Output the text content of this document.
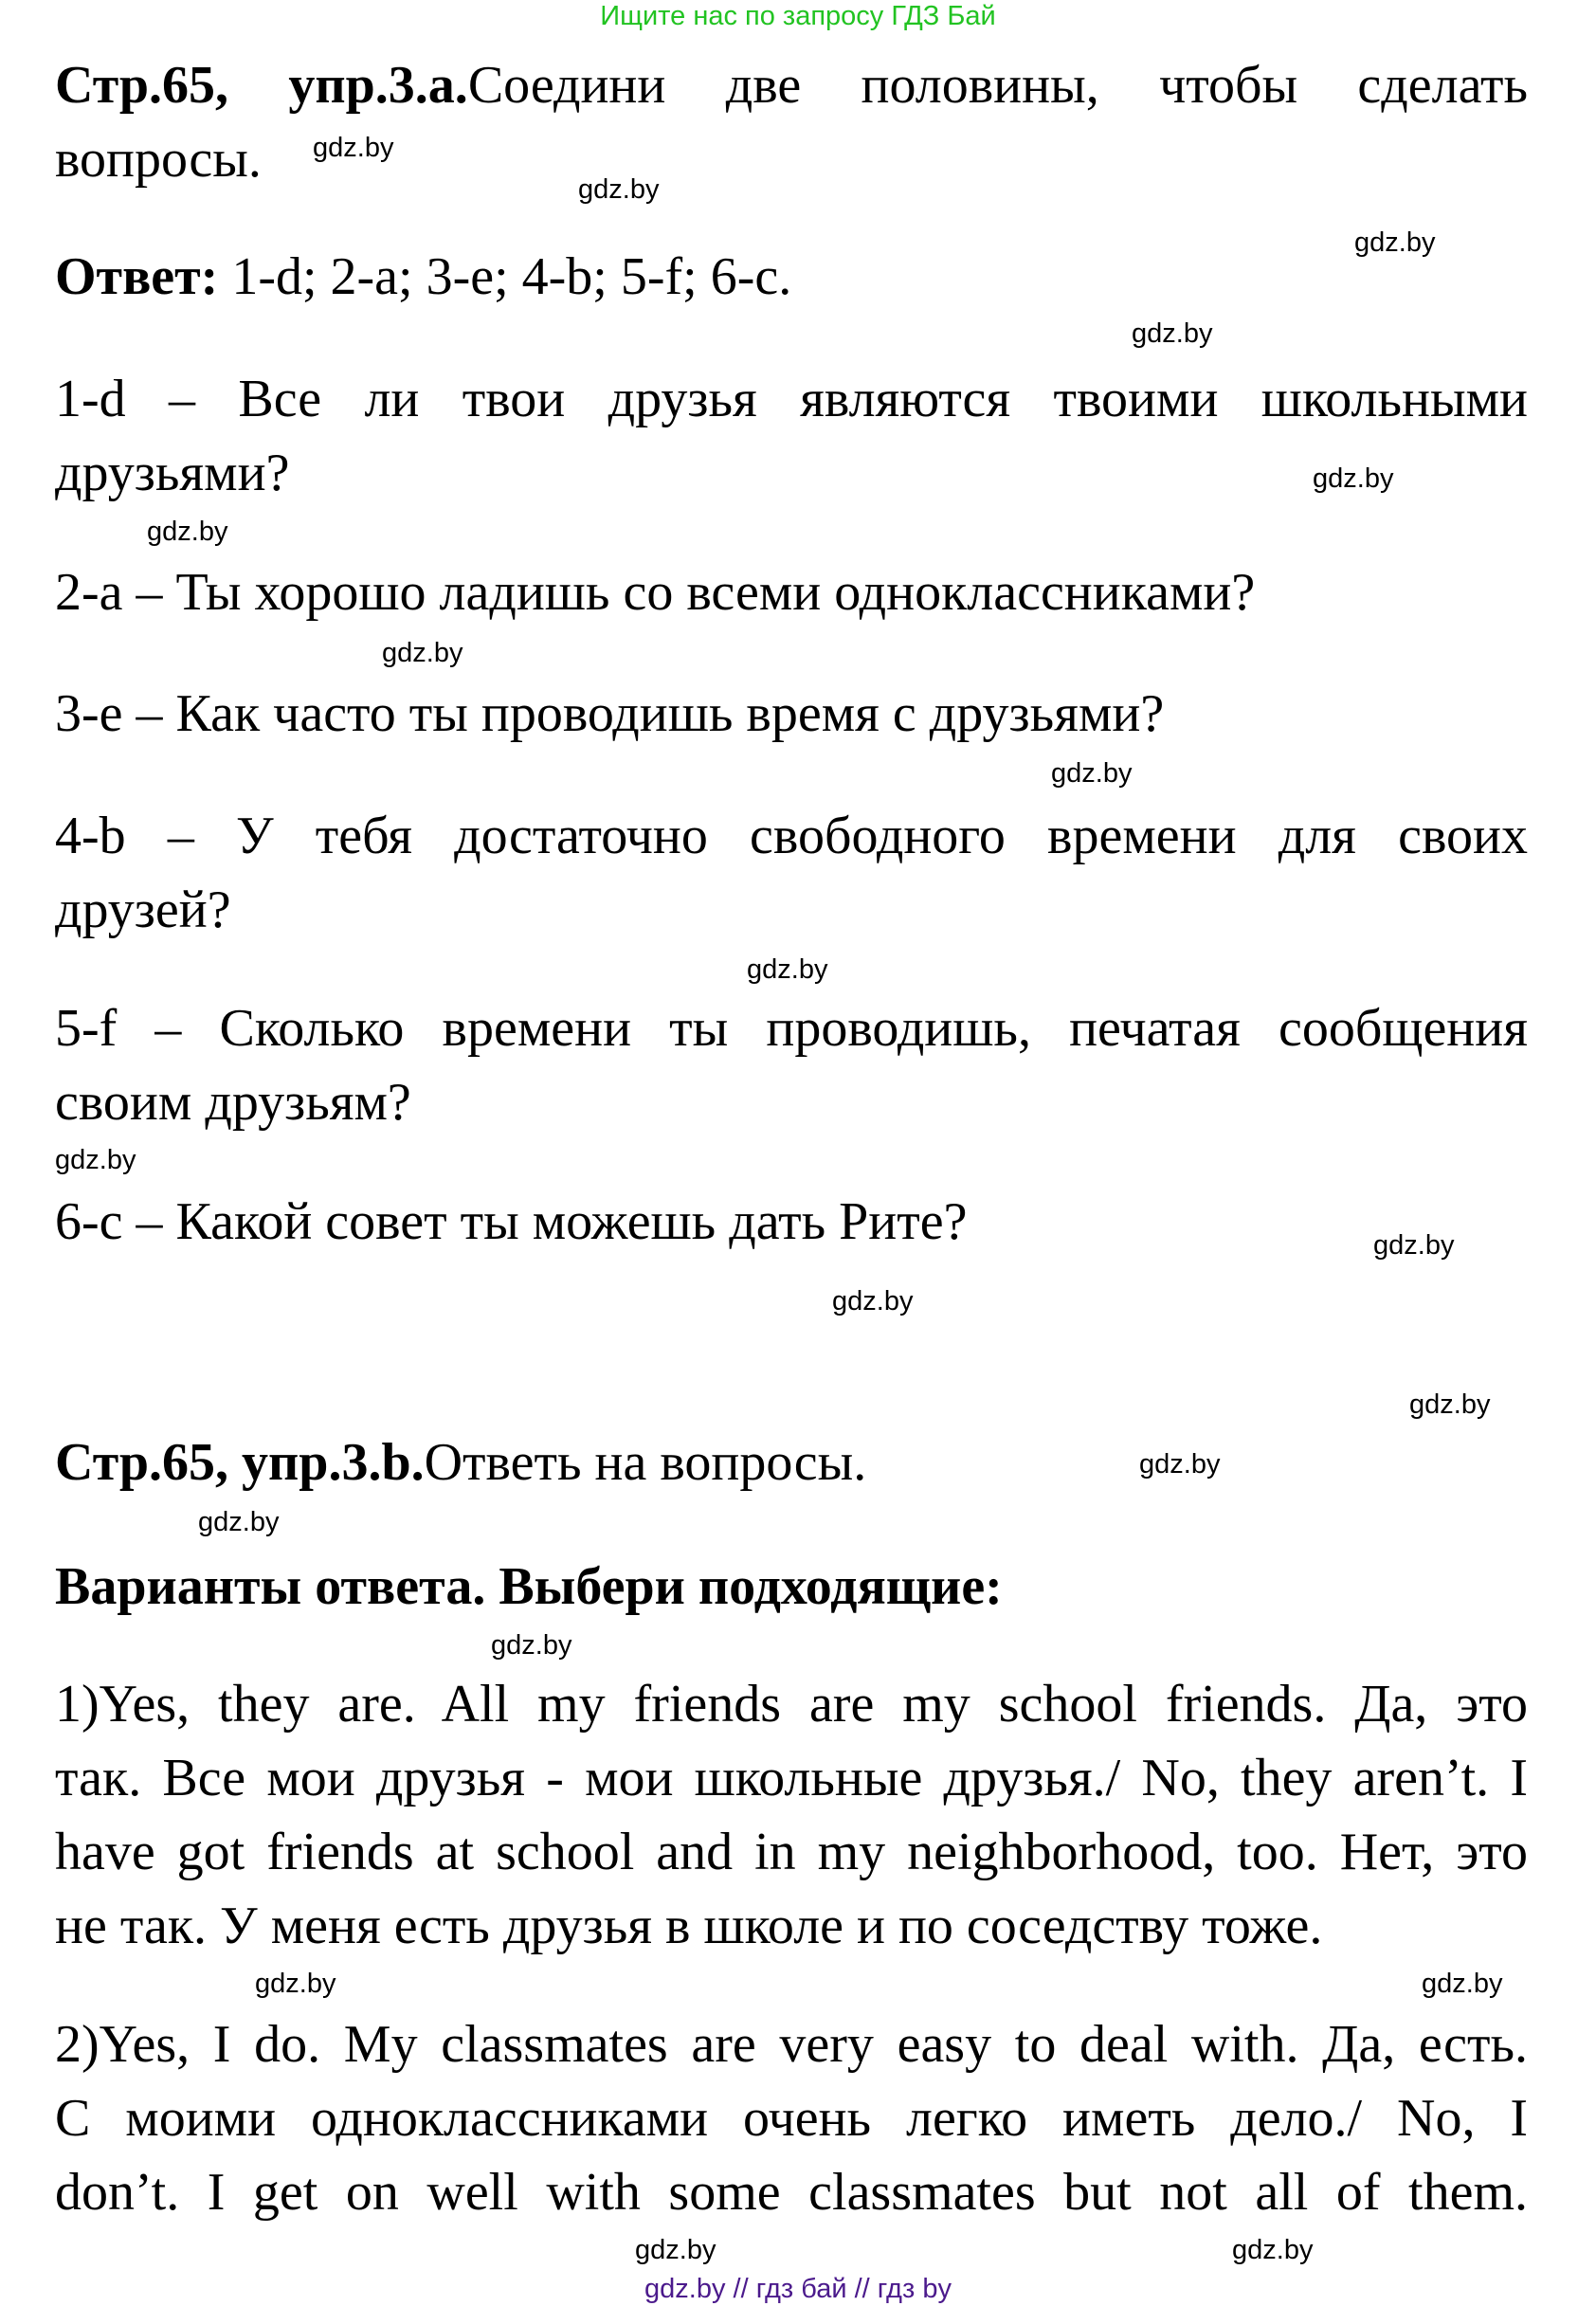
Ищите нас по запросу ГДЗ Бай
Стр.65, упр.3.a.Соедини две половины, чтобы сделать
вопросы.
Ответ: 1-d; 2-a; 3-e; 4-b; 5-f; 6-c.
1-d – Все ли твои друзья являются твоими школьными
друзьями?
2-a – Ты хорошо ладишь со всеми одноклассниками?
3-e – Как часто ты проводишь время с друзьями?
4-b – У тебя достаточно свободного времени для своих
друзей?
5-f – Сколько времени ты проводишь, печатая сообщения
своим друзьям?
6-c – Какой совет ты можешь дать Рите?
Стр.65, упр.3.b.Ответь на вопросы.
Варианты ответа. Выбери подходящие:
1)Yes, they are. All my friends are my school friends. Да, это
так. Все мои друзья - мои школьные друзья./ No, they aren’t. I
have got friends at school and in my neighborhood, too. Нет, это
не так. У меня есть друзья в школе и по соседству тоже.
2)Yes, I do. My classmates are very easy to deal with. Да, есть.
С моими одноклассниками очень легко иметь дело./ No, I
don’t. I get on well with some classmates but not all of them.
gdz.by
gdz.by
gdz.by
gdz.by
gdz.by
gdz.by
gdz.by
gdz.by
gdz.by
gdz.by
gdz.by
gdz.by
gdz.by
gdz.by
gdz.by
gdz.by
gdz.by
gdz.by
gdz.by	gdz.by
gdz.by // гдз бай // гдз by
